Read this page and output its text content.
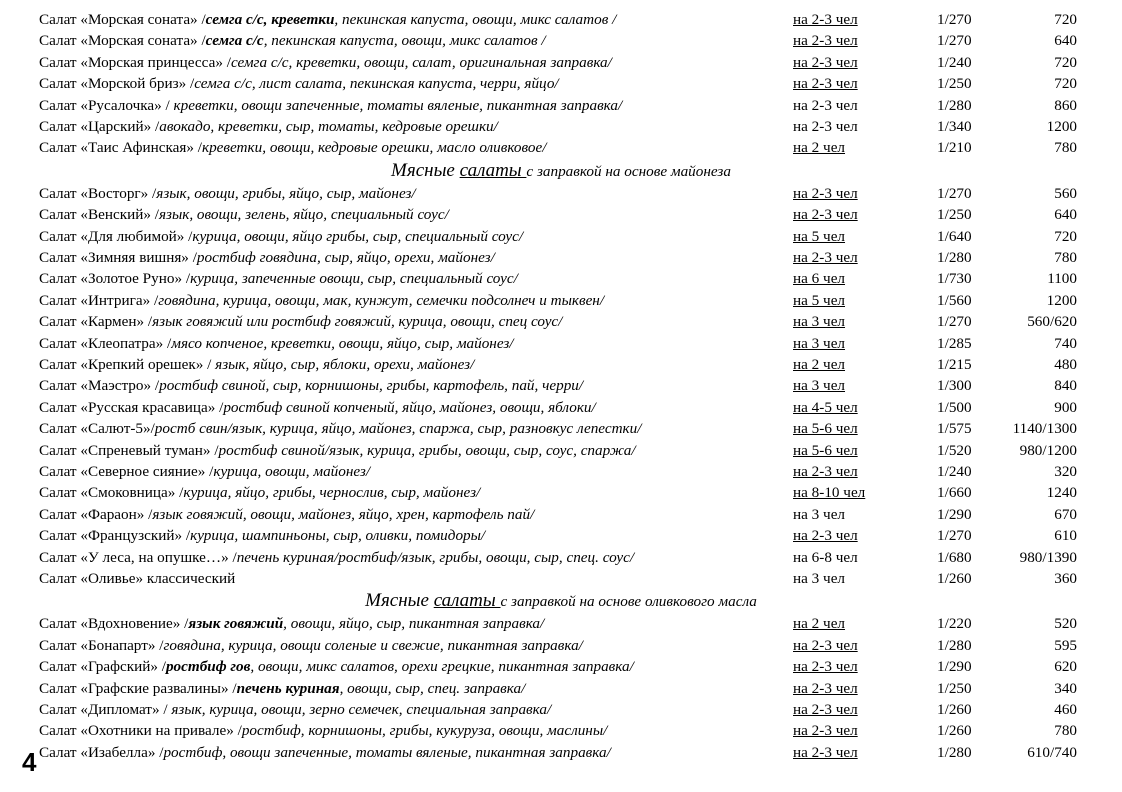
Салат «Морская соната» /семга с/с, креветки, пекинская капуста, овощи, микс салатов /	на 2-3 чел	1/270	720
Салат «Морская соната» /семга с/с, пекинская капуста, овощи, микс салатов /	на 2-3 чел	1/270	640
Салат «Морская принцесса» /семга с/с, креветки, овощи, салат, оригинальная заправка/	на 2-3 чел	1/240	720
Салат «Морской бриз» /семга с/с, лист салата, пекинская капуста, черри, яйцо/	на 2-3 чел	1/250	720
Салат «Русалочка» / креветки, овощи запеченные, томаты вяленые, пикантная заправка/	на 2-3 чел	1/280	860
Салат «Царский» /авокадо, креветки, сыр, томаты, кедровые орешки/	на 2-3 чел	1/340	1200
Салат «Таис Афинская» /креветки, овощи, кедровые орешки, масло оливковое/	на 2 чел	1/210	780
Мясные салаты с заправкой на основе майонеза
Салат «Восторг» /язык, овощи, грибы, яйцо, сыр, майонез/	на 2-3 чел	1/270	560
Салат «Венский» /язык, овощи, зелень, яйцо, специальный соус/	на 2-3 чел	1/250	640
Салат «Для любимой» /курица, овощи, яйцо грибы, сыр, специальный соус/	на 5 чел	1/640	720
Салат «Зимняя вишня» /ростбиф говядина, сыр, яйцо, орехи, майонез/	на 2-3 чел	1/280	780
Салат «Золотое Руно» /курица, запеченные овощи, сыр, специальный соус/	на 6 чел	1/730	1100
Салат «Интрига» /говядина, курица, овощи, мак, кунжут, семечки подсолнеч и тыквен/	на 5 чел	1/560	1200
Салат «Кармен» /язык говяжий или ростбиф говяжий, курица, овощи, спец соус/	на 3 чел	1/270	560/620
Салат «Клеопатра» /мясо копченое, креветки, овощи, яйцо, сыр, майонез/	на 3 чел	1/285	740
Салат «Крепкий орешек» / язык, яйцо, сыр, яблоки, орехи, майонез/	на 2 чел	1/215	480
Салат «Маэстро» /ростбиф свиной, сыр, корнишоны, грибы, картофель, пай, черри/	на 3 чел	1/300	840
Салат «Русская красавица» /ростбиф свиной копченый, яйцо, майонез, овощи, яблоки/	на 4-5 чел	1/500	900
Салат «Салют-5»/ростб свин/язык, курица, яйцо, майонез, спаржа, сыр, разновкус лепестки/	на 5-6 чел	1/575	1140/1300
Салат «Спреневый туман» /ростбиф свиной/язык, курица, грибы, овощи, сыр, соус, спаржа/	на 5-6 чел	1/520	980/1200
Салат «Северное сияние» /курица, овощи, майонез/	на 2-3 чел	1/240	320
Салат «Смоковница» /курица, яйцо, грибы, чернослив, сыр, майонез/	на 8-10 чел	1/660	1240
Салат «Фараон» /язык говяжий, овощи, майонез, яйцо, хрен, картофель пай/	на 3 чел	1/290	670
Салат «Французский» /курица, шампиньоны, сыр, оливки, помидоры/	на 2-3 чел	1/270	610
Салат «У леса, на опушке…» /печень куриная/ростбиф/язык, грибы, овощи, сыр, спец. соус/	на 6-8 чел	1/680	980/1390
Салат «Оливье» классический	на 3 чел	1/260	360
Мясные салаты с заправкой на основе оливкового масла
Салат «Вдохновение» /язык говяжий, овощи, яйцо, сыр, пикантная заправка/	на 2 чел	1/220	520
Салат «Бонапарт» /говядина, курица, овощи соленые и свежие, пикантная заправка/	на 2-3 чел	1/280	595
Салат «Графский» /ростбиф гов, овощи, микс салатов, орехи грецкие, пикантная заправка/	на 2-3 чел	1/290	620
Салат «Графские развалины» /печень куриная, овощи, сыр, спец. заправка/	на 2-3 чел	1/250	340
Салат «Дипломат» / язык, курица, овощи, зерно семечек, специальная заправка/	на 2-3 чел	1/260	460
Салат «Охотники на привале» /ростбиф, корнишоны, грибы, кукуруза, овощи, маслины/	на 2-3 чел	1/260	780
Салат «Изабелла» /ростбиф, овощи запеченные, томаты вяленые, пикантная заправка/	на 2-3 чел	1/280	610/740
4
